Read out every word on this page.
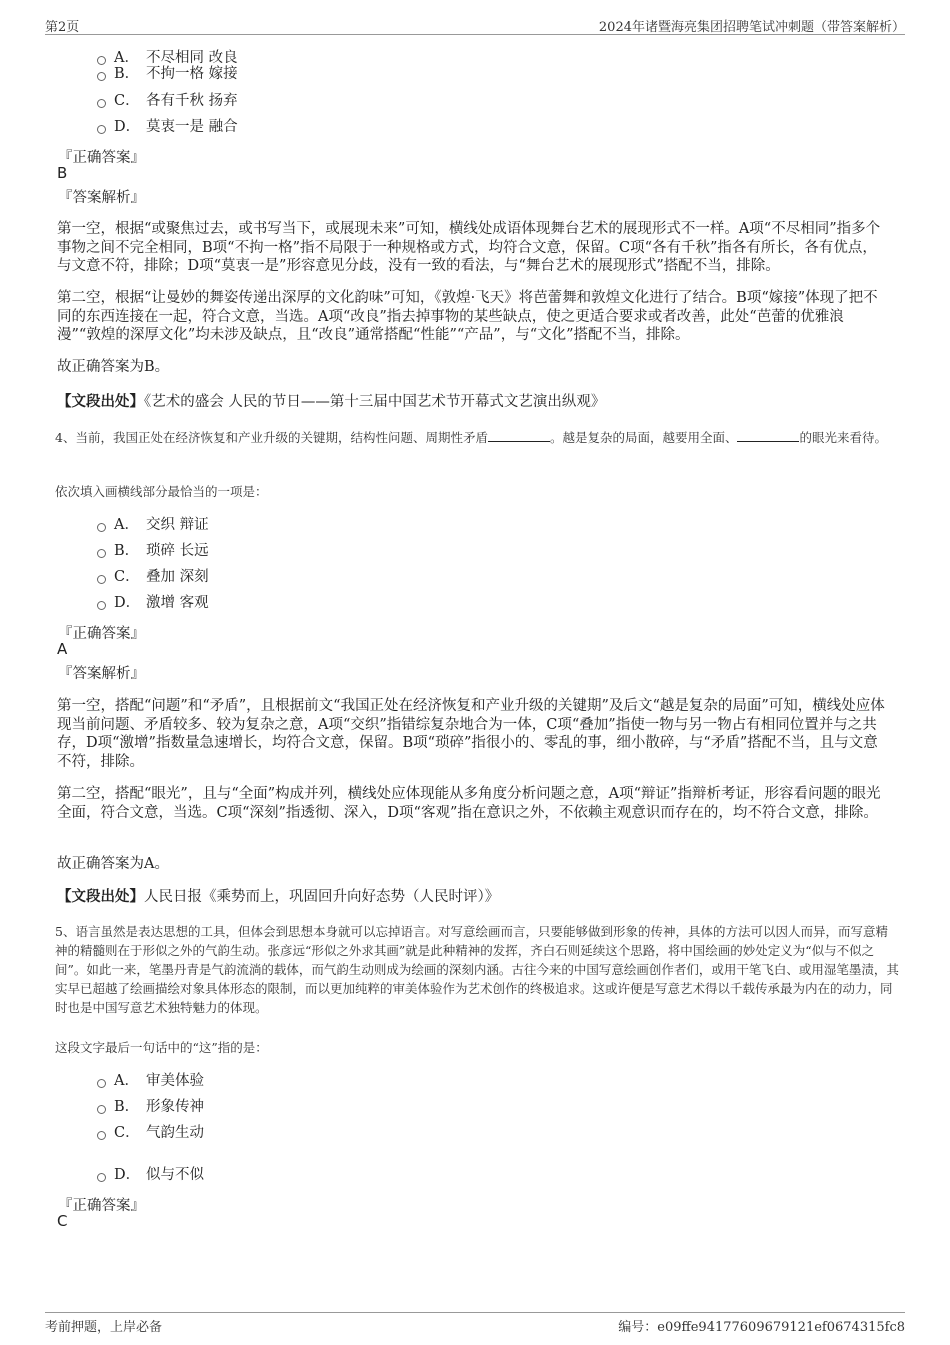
第2页	2024年诸暨海亮集团招聘笔试冲刺题（带答案解析）
A． 不尽相同 改良
B． 不拘一格 嫁接
C． 各有千秋 扬弃
D． 莫衷一是 融合
『正确答案』
B
『答案解析』
第一空，根据“或聚焦过去，或书写当下，或展现未来”可知，横线处成语体现舞台艺术的展现形式不一样。A项“不尽相同”指多个事物之间不完全相同，B项“不拘一格”指不局限于一种规格或方式，均符合文意，保留。C项“各有千秋”指各有所长，各有优点，与文意不符，排除；D项“莫衷一是”形容意见分歧，没有一致的看法，与“舞台艺术的展现形式”搭配不当，排除。
第二空，根据“让曼妙的舞姿传递出深厚的文化韵味”可知，《敦煌·飞天》将芭蕾舞和敦煌文化进行了结合。B项“嫁接”体现了把不同的东西连接在一起，符合文意，当选。A项“改良”指去掉事物的某些缺点，使之更适合要求或者改善，此处“芭蕾的优雅浪漫”“敦煌的深厚文化”均未涉及缺点，且“改良”通常搭配“性能”“产品”，与“文化”搭配不当，排除。
故正确答案为B。
【文段出处】《艺术的盛会 人民的节日——第十三届中国艺术节开幕式文艺演出纵观》
4、当前，我国正处在经济恢复和产业升级的关键期，结构性问题、周期性矛盾	。越是复杂的局面，越要用全面、	的眼光来看待。
依次填入画横线部分最恰当的一项是：
A． 交织 辩证
B． 琐碎 长远
C． 叠加 深刻
D． 激增 客观
『正确答案』
A
『答案解析』
第一空，搭配“问题”和“矛盾”，且根据前文“我国正处在经济恢复和产业升级的关键期”及后文“越是复杂的局面”可知，横线处应体现当前问题、矛盾较多、较为复杂之意，A项“交织”指错综复杂地合为一体，C项“叠加”指使一物与另一物占有相同位置并与之共存，D项“激增”指数量急速增长，均符合文意，保留。B项“琐碎”指很小的、零乱的事，细小散碎，与“矛盾”搭配不当，且与文意不符，排除。
第二空，搭配“眼光”，且与“全面”构成并列，横线处应体现能从多角度分析问题之意，A项“辩证”指辩析考证，形容看问题的眼光全面，符合文意，当选。C项“深刻”指透彻、深入，D项“客观”指在意识之外，不依赖主观意识而存在的，均不符合文意，排除。
故正确答案为A。
【文段出处】人民日报《乘势而上，巩固回升向好态势（人民时评）》
5、语言虽然是表达思想的工具，但体会到思想本身就可以忘掉语言。对写意绘画而言，只要能够做到形象的传神，具体的方法可以因人而异，而写意精神的精髓则在于形似之外的气韵生动。张彦远“形似之外求其画”就是此种精神的发挥，齐白石则延续这个思路，将中国绘画的妙处定义为“似与不似之间”。如此一来，笔墨丹青是气韵流淌的载体，而气韵生动则成为绘画的深刻内涵。古往今来的中国写意绘画创作者们，或用干笔飞白、或用湿笔墨渍，其实早已超越了绘画描绘对象具体形态的限制，而以更加纯粹的审美体验作为艺术创作的终极追求。这或许便是写意艺术得以千载传承最为内在的动力，同时也是中国写意艺术独特魅力的体现。
这段文字最后一句话中的“这”指的是：
A． 审美体验
B． 形象传神
C． 气韵生动
D． 似与不似
『正确答案』
C
考前押题，上岸必备	编号：e09ffe94177609679121ef0674315fc8
